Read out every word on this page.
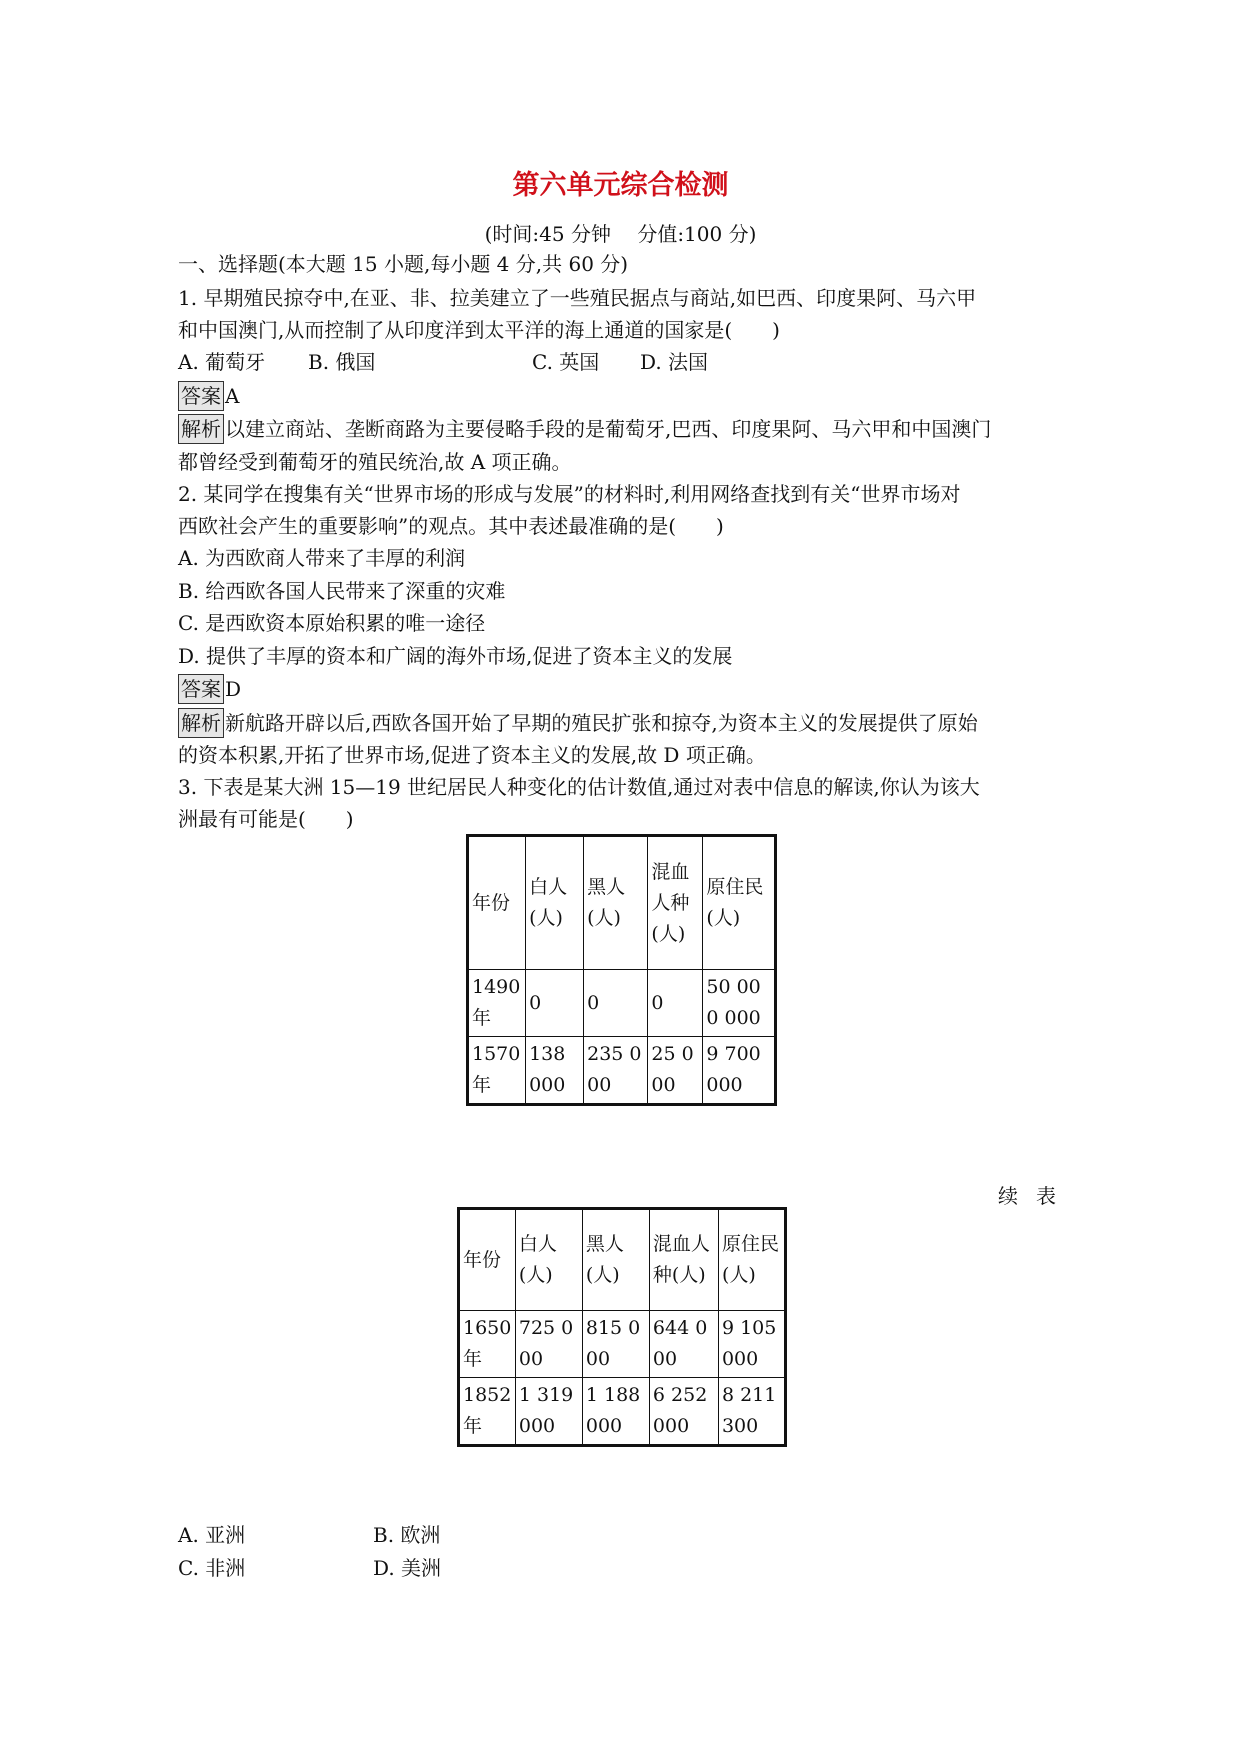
第六单元综合检测
(时间:45 分钟　 分值:100 分)
一、选择题(本大题 15 小题,每小题 4 分,共 60 分)
1. 早期殖民掠夺中,在亚、非、拉美建立了一些殖民据点与商站,如巴西、印度果阿、马六甲
和中国澳门,从而控制了从印度洋到太平洋的海上通道的国家是(　　)
A. 葡萄牙 B. 俄国	C. 英国 D. 法国
答案 A
解析 以建立商站、垄断商路为主要侵略手段的是葡萄牙,巴西、印度果阿、马六甲和中国澳门
都曾经受到葡萄牙的殖民统治,故 A 项正确。
2. 某同学在搜集有关“世界市场的形成与发展”的材料时,利用网络查找到有关“世界市场对
西欧社会产生的重要影响”的观点。其中表述最准确的是(　　)
A. 为西欧商人带来了丰厚的利润
B. 给西欧各国人民带来了深重的灾难
C. 是西欧资本原始积累的唯一途径
D. 提供了丰厚的资本和广阔的海外市场,促进了资本主义的发展
答案 D
解析 新航路开辟以后,西欧各国开始了早期的殖民扩张和掠夺,为资本主义的发展提供了原始
的资本积累,开拓了世界市场,促进了资本主义的发展,故 D 项正确。
3. 下表是某大洲 15—19 世纪居民人种变化的估计数值,通过对表中信息的解读,你认为该大
洲最有可能是(　　)
年份	白人(人)	黑人(人)	混血人种(人)	原住民(人)
1490 年	0	0	0	50 000 000
1570 年	138 000	235 000	25 000	9 700 000
续表
年份	白人(人)	黑人(人)	混血人种(人)	原住民(人)
1650 年	725 000	815 000	644 000	9 105 000
1852 年	1 319 000	1 188 000	6 252 000	8 211 300
A. 亚洲	B. 欧洲
C. 非洲	D. 美洲
